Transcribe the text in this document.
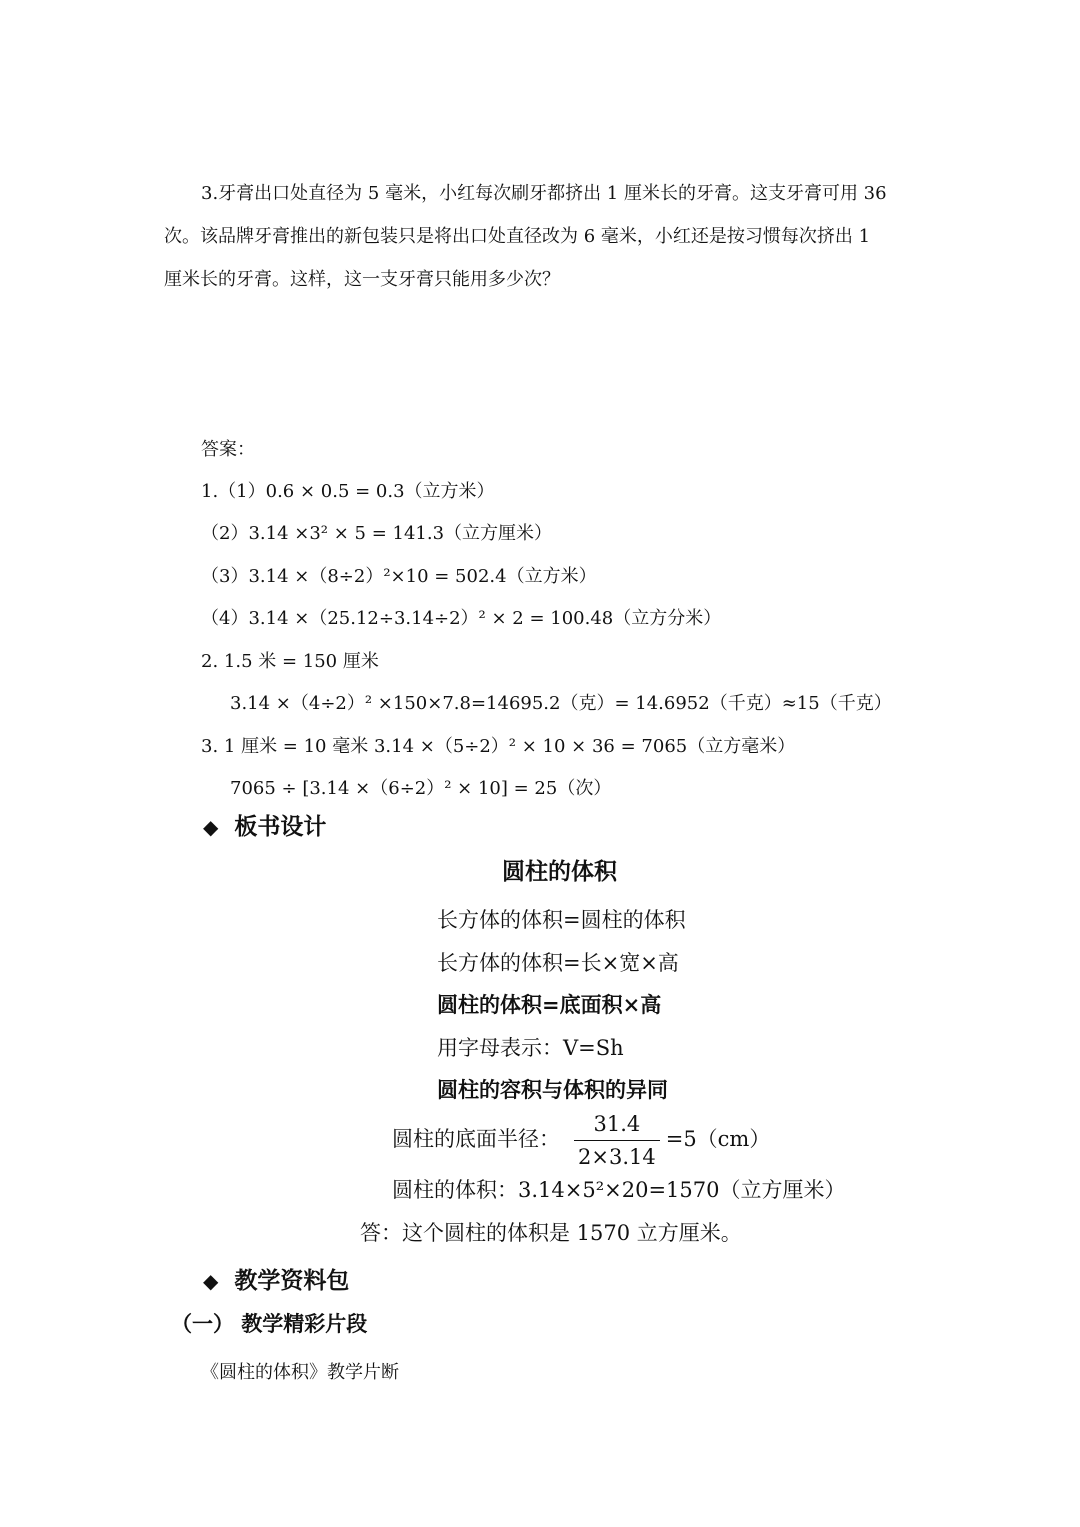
3.牙膏出口处直径为 5 毫米，小红每次刷牙都挤出 1 厘米长的牙膏。这支牙膏可用 36
次。该品牌牙膏推出的新包装只是将出口处直径改为 6 毫米，小红还是按习惯每次挤出 1
厘米长的牙膏。这样，这一支牙膏只能用多少次？
答案：
1.（1）0.6 × 0.5 = 0.3（立方米）
（2）3.14 ×3² × 5 = 141.3（立方厘米）
（3）3.14 ×（8÷2）²×10 = 502.4（立方米）
（4）3.14 ×（25.12÷3.14÷2）² × 2 = 100.48（立方分米）
2. 1.5 米 = 150 厘米
3.14 ×（4÷2）² ×150×7.8=14695.2（克）= 14.6952（千克）≈15（千克）
3. 1 厘米 = 10 毫米 3.14 ×（5÷2）² × 10 × 36 = 7065（立方毫米）
7065 ÷ [3.14 ×（6÷2）² × 10] = 25（次）
◆ 板书设计
圆柱的体积
长方体的体积=圆柱的体积
长方体的体积=长×宽×高
圆柱的体积=底面积×高
用字母表示：V=Sh
圆柱的容积与体积的异同
圆柱的底面半径： $\frac{31.4}{2\times 3.14} =5(cm)$
圆柱的体积：3.14×5²×20=1570（立方厘米）
答：这个圆柱的体积是 1570 立方厘米。
◆ 教学资料包
（一） 教学精彩片段
《圆柱的体积》教学片断
